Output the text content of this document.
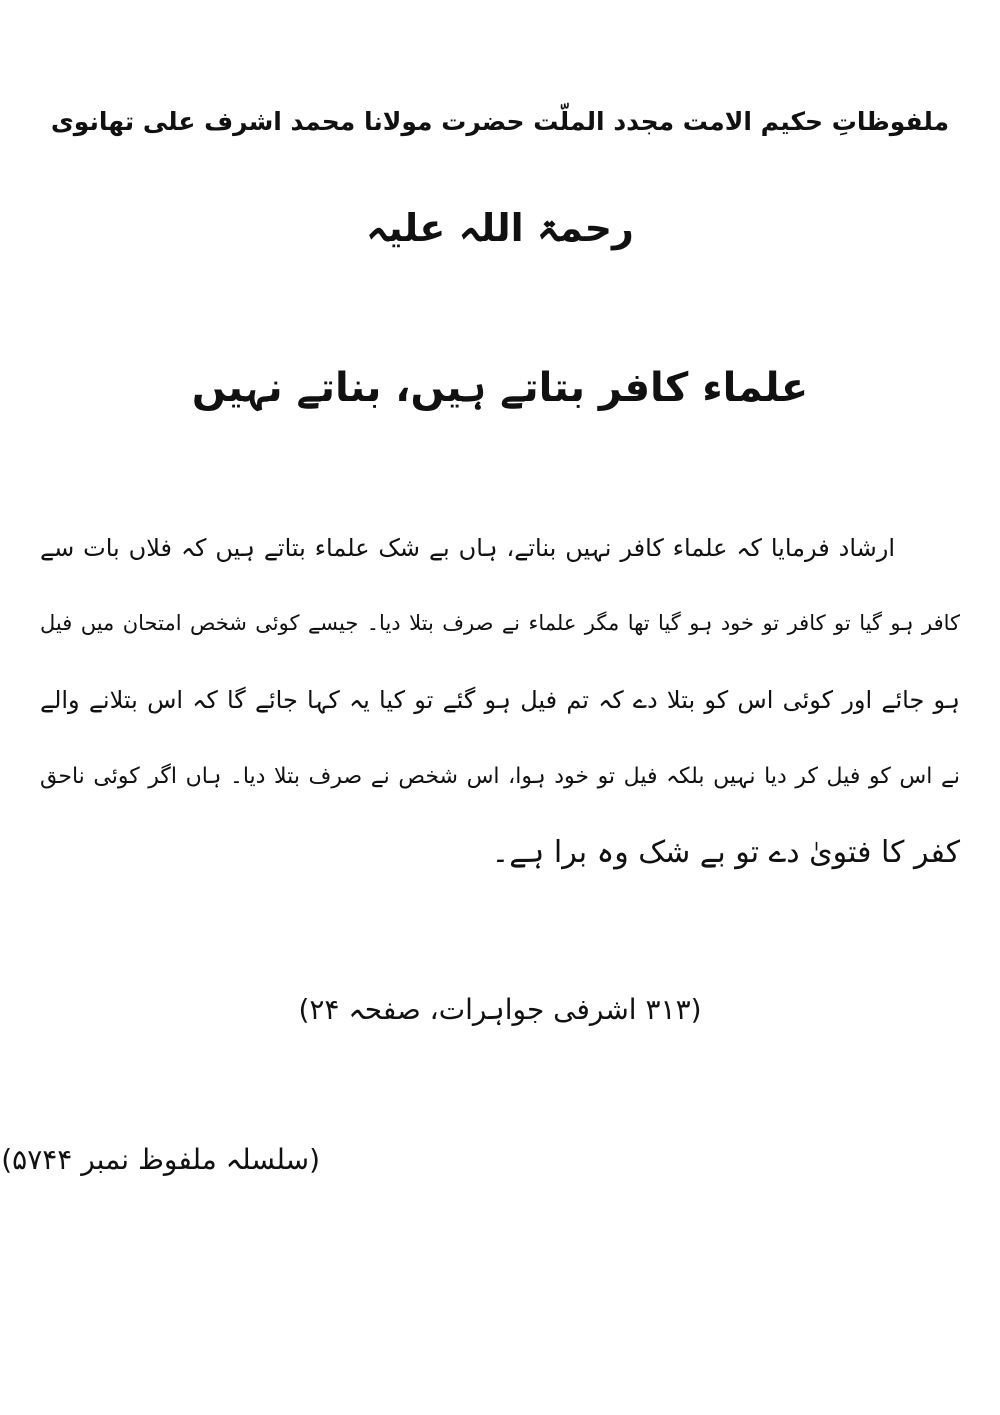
ملفوظاتِ حکیم الامت مجدد الملّت حضرت مولانا محمد اشرف علی تھانوی
رحمۃ اللہ علیہ
علماء کافر بتاتے ہیں، بناتے نہیں
ارشاد فرمایا کہ علماء کافر نہیں بناتے، ہاں بے شک علماء بتاتے ہیں کہ فلاں بات سے
کافر ہو گیا تو کافر تو خود ہو گیا تھا مگر علماء نے صرف بتلا دیا۔ جیسے کوئی شخص امتحان میں فیل
ہو جائے اور کوئی اس کو بتلا دے کہ تم فیل ہو گئے تو کیا یہ کہا جائے گا کہ اس بتلانے والے
نے اس کو فیل کر دیا نہیں بلکہ فیل تو خود ہوا، اس شخص نے صرف بتلا دیا۔ ہاں اگر کوئی ناحق
کفر کا فتویٰ دے تو بے شک وہ برا ہے۔
(۳۱۳ اشرفی جواہرات، صفحہ ۲۴)
(سلسلہ ملفوظ نمبر ۵۷۴۴)
